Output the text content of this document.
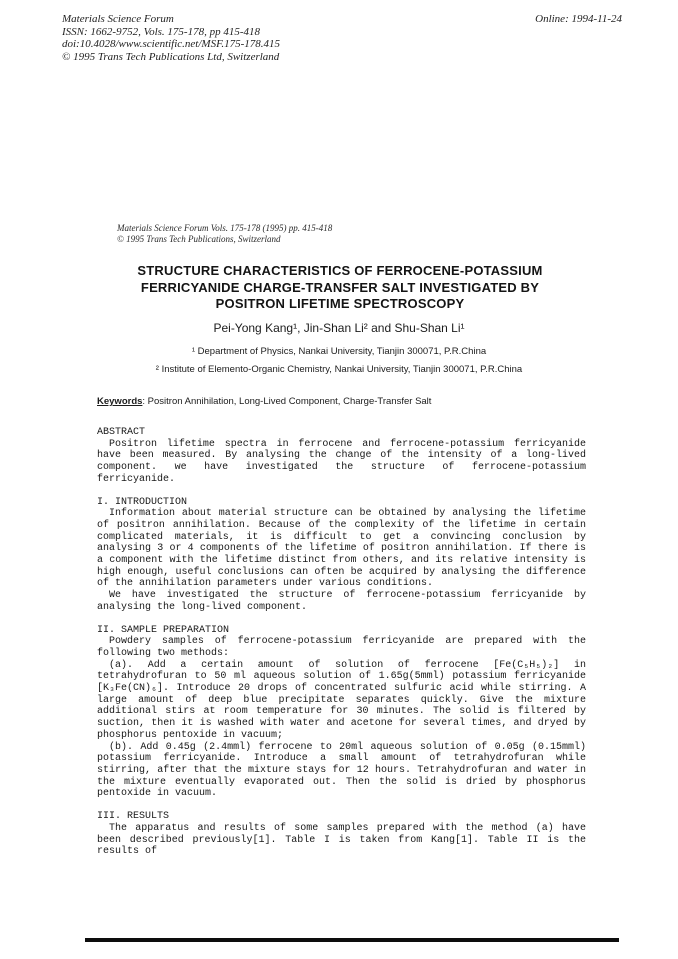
Materials Science Forum
ISSN: 1662-9752, Vols. 175-178, pp 415-418
doi:10.4028/www.scientific.net/MSF.175-178.415
© 1995 Trans Tech Publications Ltd, Switzerland
Online: 1994-11-24
Materials Science Forum Vols. 175-178 (1995) pp. 415-418
© 1995 Trans Tech Publications, Switzerland
STRUCTURE CHARACTERISTICS OF FERROCENE-POTASSIUM
FERRICYANIDE CHARGE-TRANSFER SALT INVESTIGATED BY
POSITRON LIFETIME SPECTROSCOPY
Pei-Yong Kang¹, Jin-Shan Li² and Shu-Shan Li¹
¹ Department of Physics, Nankai University, Tianjin 300071, P.R.China
² Institute of Elemento-Organic Chemistry, Nankai University, Tianjin 300071, P.R.China
Keywords: Positron Annihilation, Long-Lived Component, Charge-Transfer Salt
ABSTRACT

Positron lifetime spectra in ferrocene and ferrocene-potassium ferricyanide have been measured. By analysing the change of the intensity of a long-lived component. we have investigated the structure of ferrocene-potassium ferricyanide.

I. INTRODUCTION

Information about material structure can be obtained by analysing the lifetime of positron annihilation. Because of the complexity of the lifetime in certain complicated materials, it is difficult to get a convincing conclusion by analysing 3 or 4 components of the lifetime of positron annihilation. If there is a component with the lifetime distinct from others, and its relative intensity is high enough, useful conclusions can often be acquired by analysing the difference of the annihilation parameters under various conditions.

We have investigated the structure of ferrocene-potassium ferricyanide by analysing the long-lived component.

II. SAMPLE PREPARATION

Powdery samples of ferrocene-potassium ferricyanide are prepared with the following two methods:

(a). Add a certain amount of solution of ferrocene [Fe(C₅H₅)₂] in tetrahydrofuran to 50 ml aqueous solution of 1.65g(5mml) potassium ferricyanide [K₃Fe(CN)₆]. Introduce 20 drops of concentrated sulfuric acid while stirring. A large amount of deep blue precipitate separates quickly. Give the mixture additional stirs at room temperature for 30 minutes. The solid is filtered by suction, then it is washed with water and acetone for several times, and dryed by phosphorus pentoxide in vacuum;

(b). Add 0.45g (2.4mml) ferrocene to 20ml aqueous solution of 0.05g (0.15mml) potassium ferricyanide. Introduce a small amount of tetrahydrofuran while stirring, after that the mixture stays for 12 hours. Tetrahydrofuran and water in the mixture eventually evaporated out. Then the solid is dried by phosphorus pentoxide in vacuum.

III. RESULTS

The apparatus and results of some samples prepared with the method (a) have been described previously[1]. Table I is taken from Kang[1]. Table II is the results of
